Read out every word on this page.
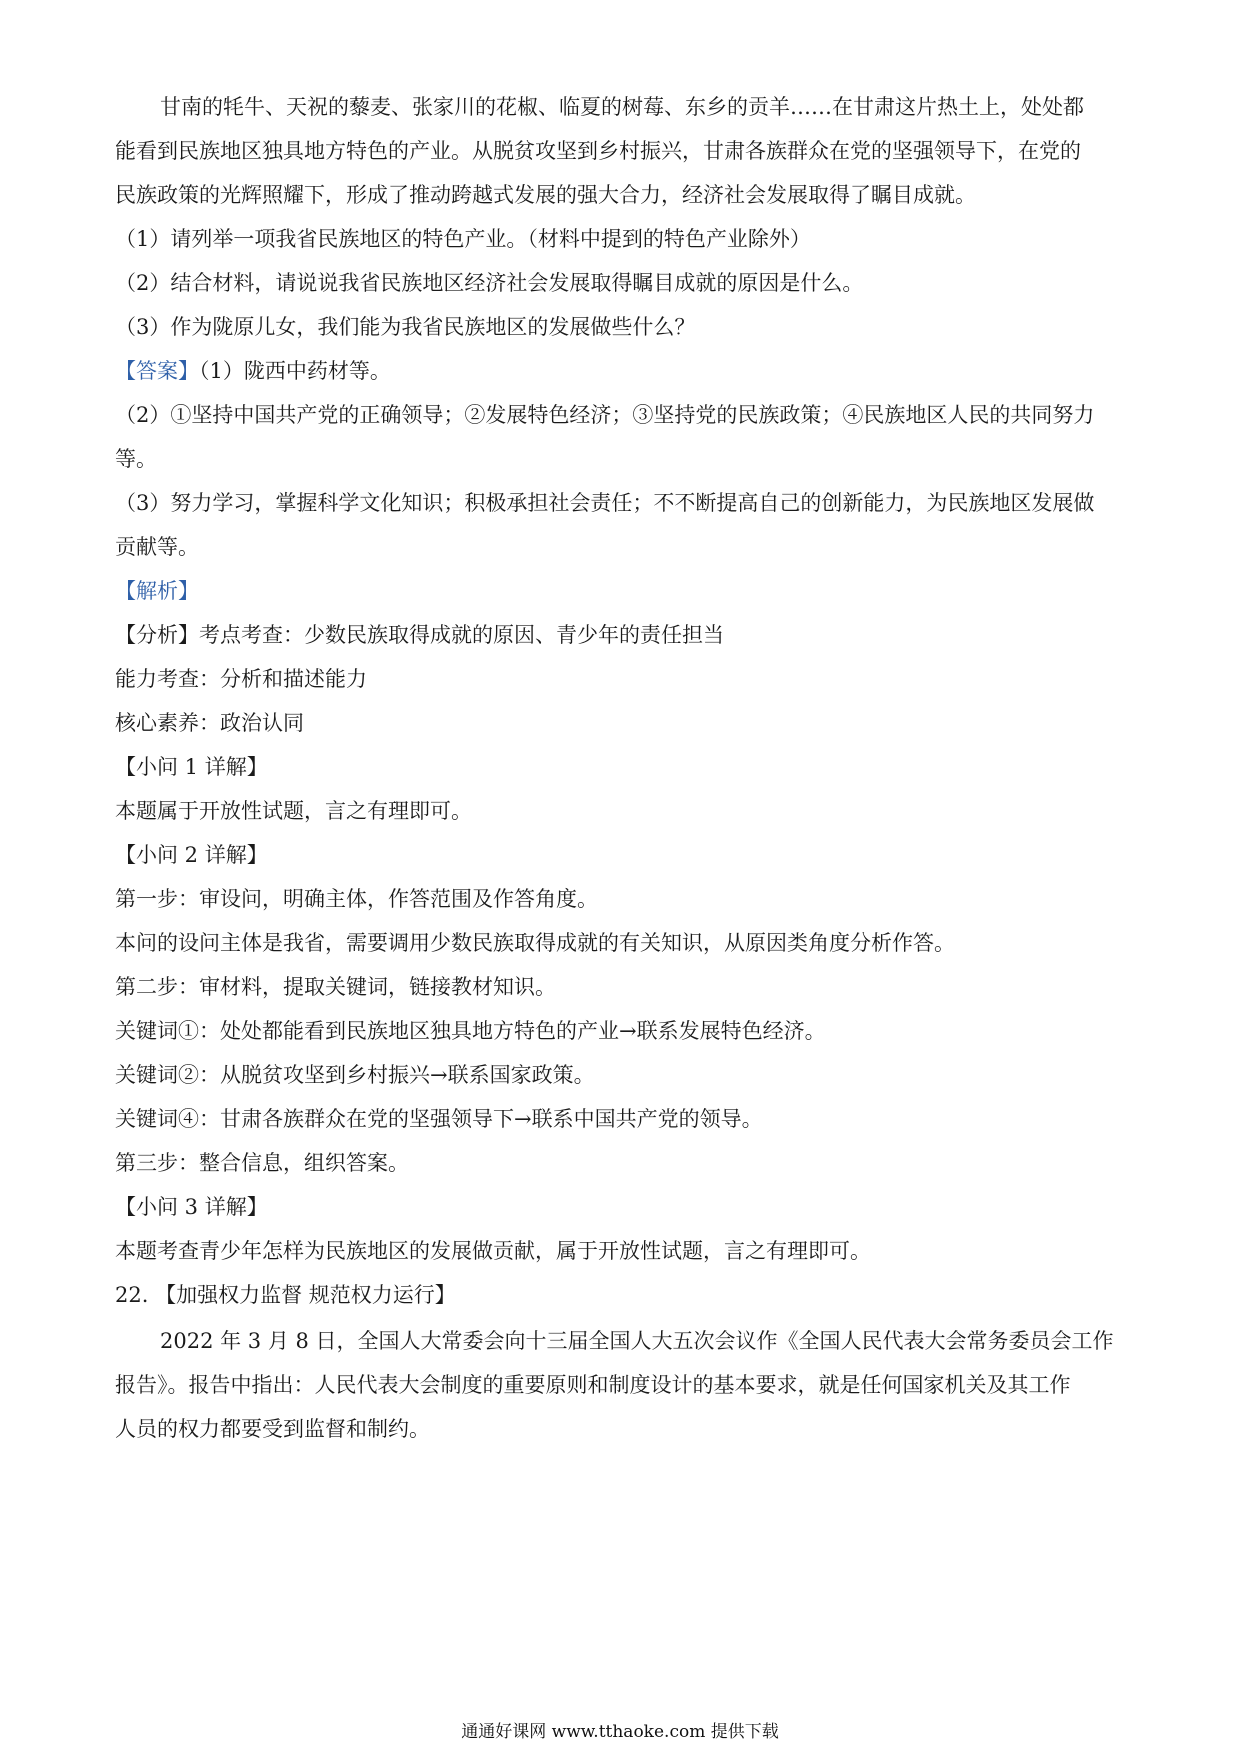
甘南的牦牛、天祝的藜麦、张家川的花椒、临夏的树莓、东乡的贡羊……在甘肃这片热土上，处处都
能看到民族地区独具地方特色的产业。从脱贫攻坚到乡村振兴，甘肃各族群众在党的坚强领导下，在党的
民族政策的光辉照耀下，形成了推动跨越式发展的强大合力，经济社会发展取得了瞩目成就。
（1）请列举一项我省民族地区的特色产业。（材料中提到的特色产业除外）
（2）结合材料，请说说我省民族地区经济社会发展取得瞩目成就的原因是什么。
（3）作为陇原儿女，我们能为我省民族地区的发展做些什么？
【答案】（1）陇西中药材等。
（2）①坚持中国共产党的正确领导；②发展特色经济；③坚持党的民族政策；④民族地区人民的共同努力
等。
（3）努力学习，掌握科学文化知识；积极承担社会责任；不不断提高自己的创新能力，为民族地区发展做
贡献等。
【解析】
【分析】考点考查：少数民族取得成就的原因、青少年的责任担当
能力考查：分析和描述能力
核心素养：政治认同
【小问 1 详解】
本题属于开放性试题，言之有理即可。
【小问 2 详解】
第一步：审设问，明确主体，作答范围及作答角度。
本问的设问主体是我省，需要调用少数民族取得成就的有关知识，从原因类角度分析作答。
第二步：审材料，提取关键词，链接教材知识。
关键词①：处处都能看到民族地区独具地方特色的产业→联系发展特色经济。
关键词②：从脱贫攻坚到乡村振兴→联系国家政策。
关键词④：甘肃各族群众在党的坚强领导下→联系中国共产党的领导。
第三步：整合信息，组织答案。
【小问 3 详解】
本题考查青少年怎样为民族地区的发展做贡献，属于开放性试题，言之有理即可。
22. 【加强权力监督 规范权力运行】
2022 年 3 月 8 日，全国人大常委会向十三届全国人大五次会议作《全国人民代表大会常务委员会工作
报告》。报告中指出：人民代表大会制度的重要原则和制度设计的基本要求，就是任何国家机关及其工作
人员的权力都要受到监督和制约。
通通好课网 www.tthaoke.com 提供下载
